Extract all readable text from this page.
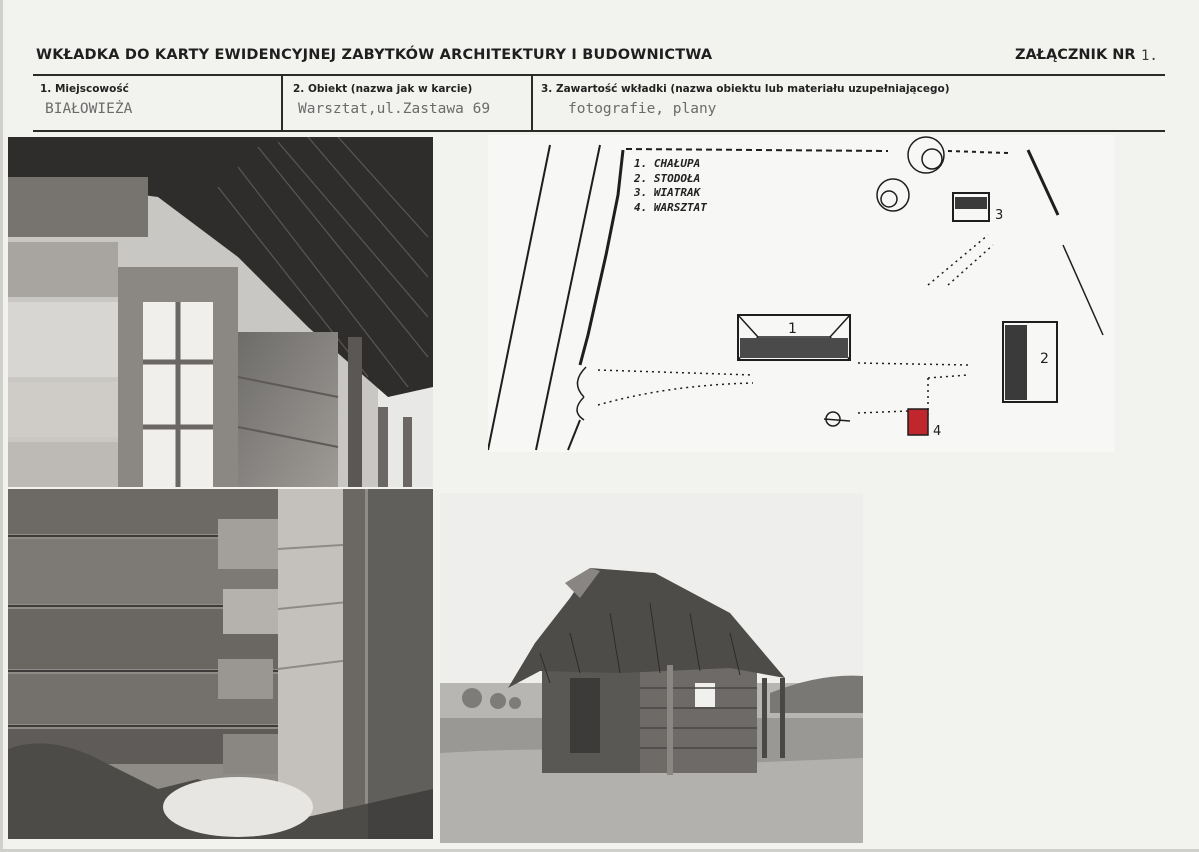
WKŁADKA DO KARTY EWIDENCYJNEJ ZABYTKÓW ARCHITEKTURY I BUDOWNICTWA	ZAŁĄCZNIK NR 1.
1. Miejscowość
BIAŁOWIEŻA
2. Obiekt (nazwa jak w karcie)
Warsztat,ul.Zastawa 69
3. Zawartość wkładki (nazwa obiektu lub materiału uzupełniającego)
fotografie, plany
1
2
3
4
1. CHAŁUPA
2. STODOŁA
3. WIATRAK
4. WARSZTAT
